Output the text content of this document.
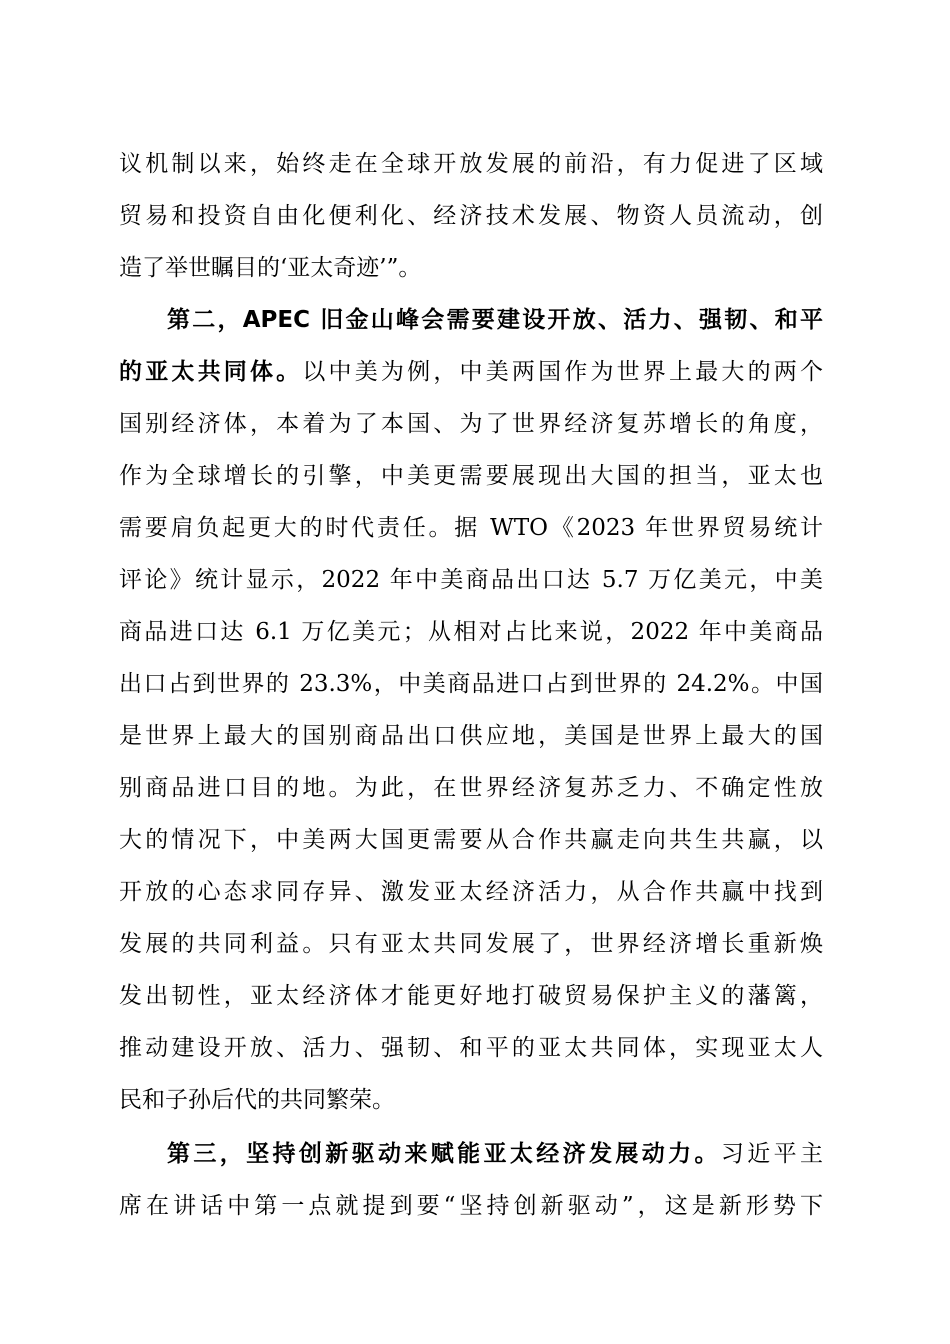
议机制以来，始终走在全球开放发展的前沿，有力促进了区域
贸易和投资自由化便利化、经济技术发展、物资人员流动，创
造了举世瞩目的‘亚太奇迹’”。
第二，APEC 旧金山峰会需要建设开放、活力、强韧、和平
的亚太共同体。以中美为例，中美两国作为世界上最大的两个
国别经济体，本着为了本国、为了世界经济复苏增长的角度，
作为全球增长的引擎，中美更需要展现出大国的担当，亚太也
需要肩负起更大的时代责任。据 WTO《2023 年世界贸易统计
评论》统计显示，2022 年中美商品出口达 5.7 万亿美元，中美
商品进口达 6.1 万亿美元；从相对占比来说，2022 年中美商品
出口占到世界的 23.3%，中美商品进口占到世界的 24.2%。中国
是世界上最大的国别商品出口供应地，美国是世界上最大的国
别商品进口目的地。为此，在世界经济复苏乏力、不确定性放
大的情况下，中美两大国更需要从合作共赢走向共生共赢，以
开放的心态求同存异、激发亚太经济活力，从合作共赢中找到
发展的共同利益。只有亚太共同发展了，世界经济增长重新焕
发出韧性，亚太经济体才能更好地打破贸易保护主义的藩篱，
推动建设开放、活力、强韧、和平的亚太共同体，实现亚太人
民和子孙后代的共同繁荣。
第三，坚持创新驱动来赋能亚太经济发展动力。习近平主
席在讲话中第一点就提到要“坚持创新驱动”，这是新形势下
